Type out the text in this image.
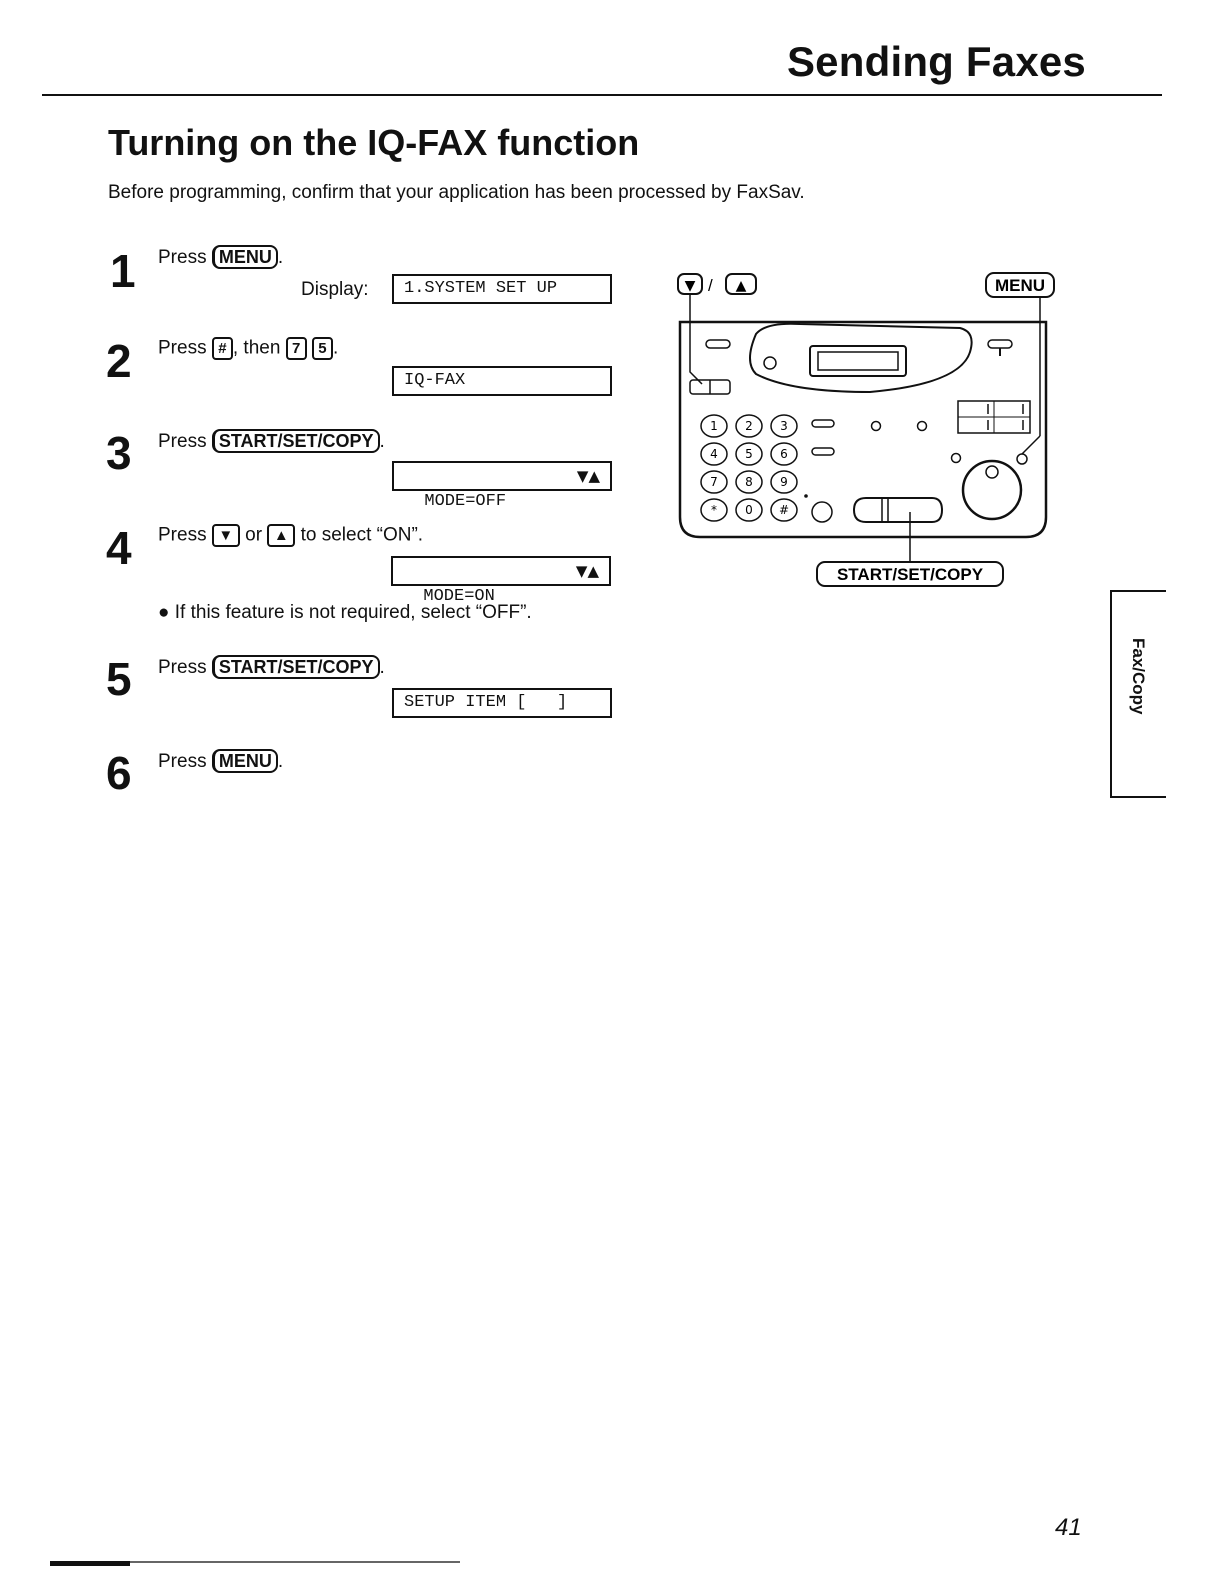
Sending Faxes
Turning on the IQ-FAX function
Before programming, confirm that your application has been processed by FaxSav.
1 Press MENU .
Display:	1.SYSTEM SET UP
2 Press # , then 7 5 .
IQ-FAX
3 Press START/SET/COPY .

MODE=OFF

▼▲

4 Press ▼ or ▲ to select “ON”.

MODE=ON

▼▲

● If this feature is not required, select “OFF”.
5 Press START/SET/COPY .
SETUP ITEM [   ]
6 Press MENU .
▼ / ▲	MENU
1 2 3
4 5 6
7 8 9
* 0 #
START/SET/COPY
Fax/Copy
41
